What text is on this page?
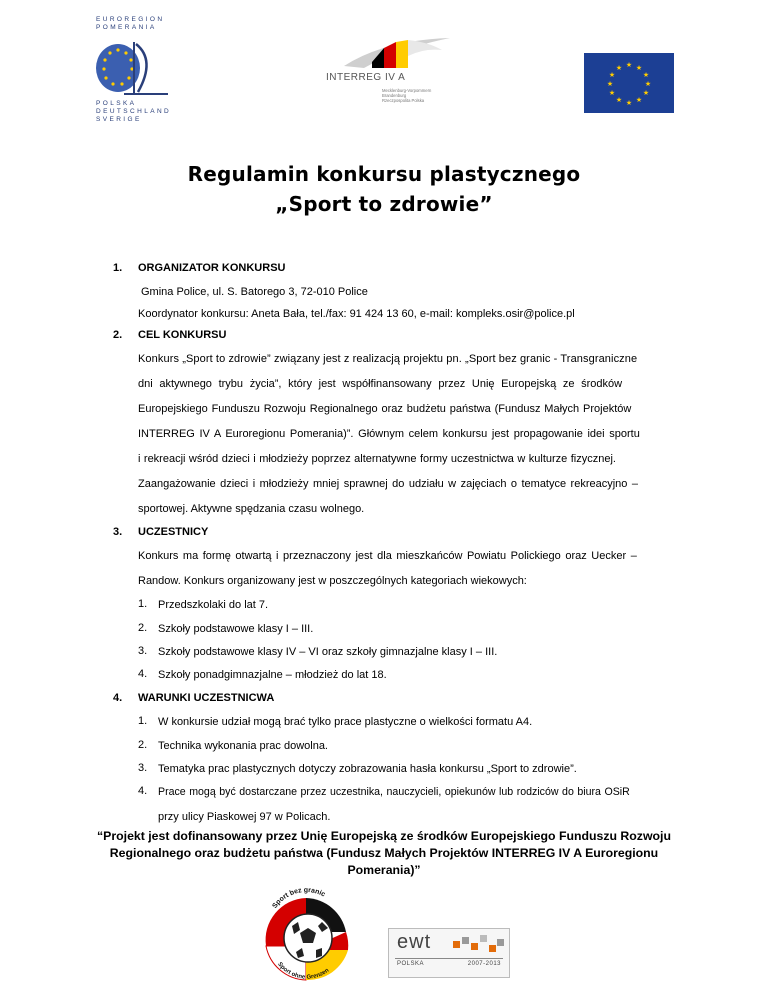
EUROREGION
POMERANIA
POLSKA
DEUTSCHLAND
SVERIGE
INTERREG IV A
Mecklenburg-Vorpommern
Brandenburg
Rzeczpospolita Polska
★ ★
★
★
★
★
★
★
★
★
★
★
Regulamin konkursu plastycznego
„Sport to zdrowie”
1. ORGANIZATOR KONKURSU
Gmina Police, ul. S. Batorego 3, 72-010 Police
Koordynator konkursu: Aneta Bała, tel./fax: 91 424 13 60, e-mail: kompleks.osir@police.pl
2. CEL KONKURSU
Konkurs „Sport to zdrowie” związany jest z realizacją projektu pn. „Sport bez granic - Transgraniczne
dni aktywnego trybu życia”, który jest współfinansowany przez Unię Europejską ze środków
Europejskiego Funduszu Rozwoju Regionalnego oraz budżetu państwa (Fundusz Małych Projektów
INTERREG IV A Euroregionu Pomerania)”. Głównym celem konkursu jest propagowanie idei sportu
i rekreacji wśród dzieci i młodzieży poprzez alternatywne formy uczestnictwa w kulturze fizycznej.
Zaangażowanie dzieci i młodzieży mniej sprawnej do udziału w zajęciach o tematyce rekreacyjno –
sportowej. Aktywne spędzania czasu wolnego.
3. UCZESTNICY
Konkurs ma formę otwartą i przeznaczony jest dla mieszkańców Powiatu Polickiego oraz Uecker –
Randow. Konkurs organizowany jest w poszczególnych kategoriach wiekowych:
1. Przedszkolaki do lat 7.
2. Szkoły podstawowe klasy I – III.
3. Szkoły podstawowe klasy IV – VI oraz szkoły gimnazjalne klasy I – III.
4. Szkoły ponadgimnazjalne – młodzież do lat 18.
4. WARUNKI UCZESTNICWA
1. W konkursie udział mogą brać tylko prace plastyczne o wielkości formatu A4.
2. Technika wykonania prac dowolna.
3. Tematyka prac plastycznych dotyczy zobrazowania hasła konkursu „Sport to zdrowie”.
4. Prace mogą być dostarczane przez uczestnika, nauczycieli, opiekunów lub rodziców do biura OSiR
przy ulicy Piaskowej 97 w Policach.
“Projekt jest dofinansowany przez Unię Europejską ze środków Europejskiego Funduszu Rozwoju
Regionalnego oraz budżetu państwa (Fundusz Małych Projektów INTERREG IV A Euroregionu
Pomerania)”
Sport bez granic
Sport ohne Grenzen
ewt
POLSKA	2007-2013
